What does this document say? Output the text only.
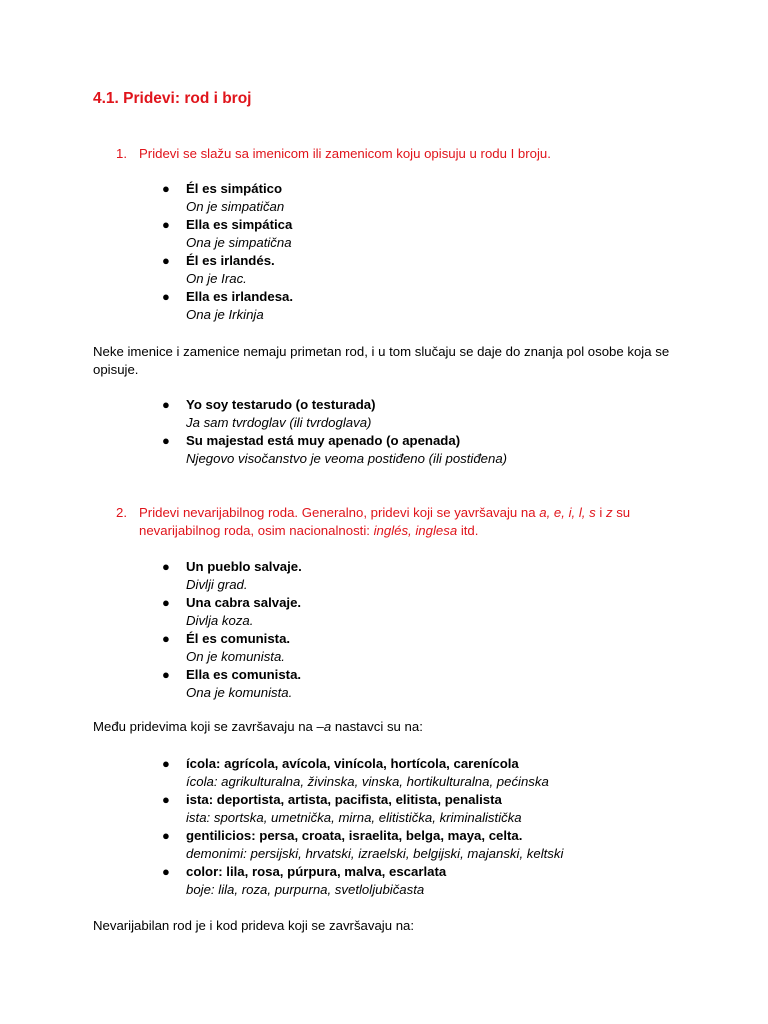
4.1. Pridevi: rod i broj
1. Pridevi se slažu sa imenicom ili zamenicom koju opisuju u rodu I broju.
● Él es simpático
On je simpatičan
● Ella es simpática
Ona je simpatična
● Él es irlandés.
On je Irac.
● Ella es irlandesa.
Ona je Irkinja
Neke imenice i zamenice nemaju primetan rod, i u tom slučaju se daje do znanja pol osobe koja se opisuje.
● Yo soy testarudo (o testurada)
Ja sam tvrdoglav (ili tvrdoglava)
● Su majestad está muy apenado (o apenada)
Njegovo visočanstvo je veoma postiđeno (ili postiđena)
2. Pridevi nevarijabilnog roda. Generalno, pridevi koji se yavršavaju na a, e, i, l, s i z su nevarijabilnog roda, osim nacionalnosti: inglés, inglesa itd.
● Un pueblo salvaje.
Divlji grad.
● Una cabra salvaje.
Divlja koza.
● Él es comunista.
On je komunista.
● Ella es comunista.
Ona je komunista.
Među pridevima koji se završavaju na –a nastavci su na:
● ícola: agrícola, avícola, vinícola, hortícola, carenícola
ícola: agrikulturalna, živinska, vinska, hortikulturalna, pećinska
● ista: deportista, artista, pacifista, elitista, penalista
ista: sportska, umetnička, mirna, elitistička, kriminalistička
● gentilicios: persa, croata, israelita, belga, maya, celta.
demonimi: persijski, hrvatski, izraelski, belgijski, majanski, keltski
● color: lila, rosa, púrpura, malva, escarlata
boje: lila, roza, purpurna, svetloljubičasta
Nevarijabilan rod je i kod prideva koji se završavaju na:
